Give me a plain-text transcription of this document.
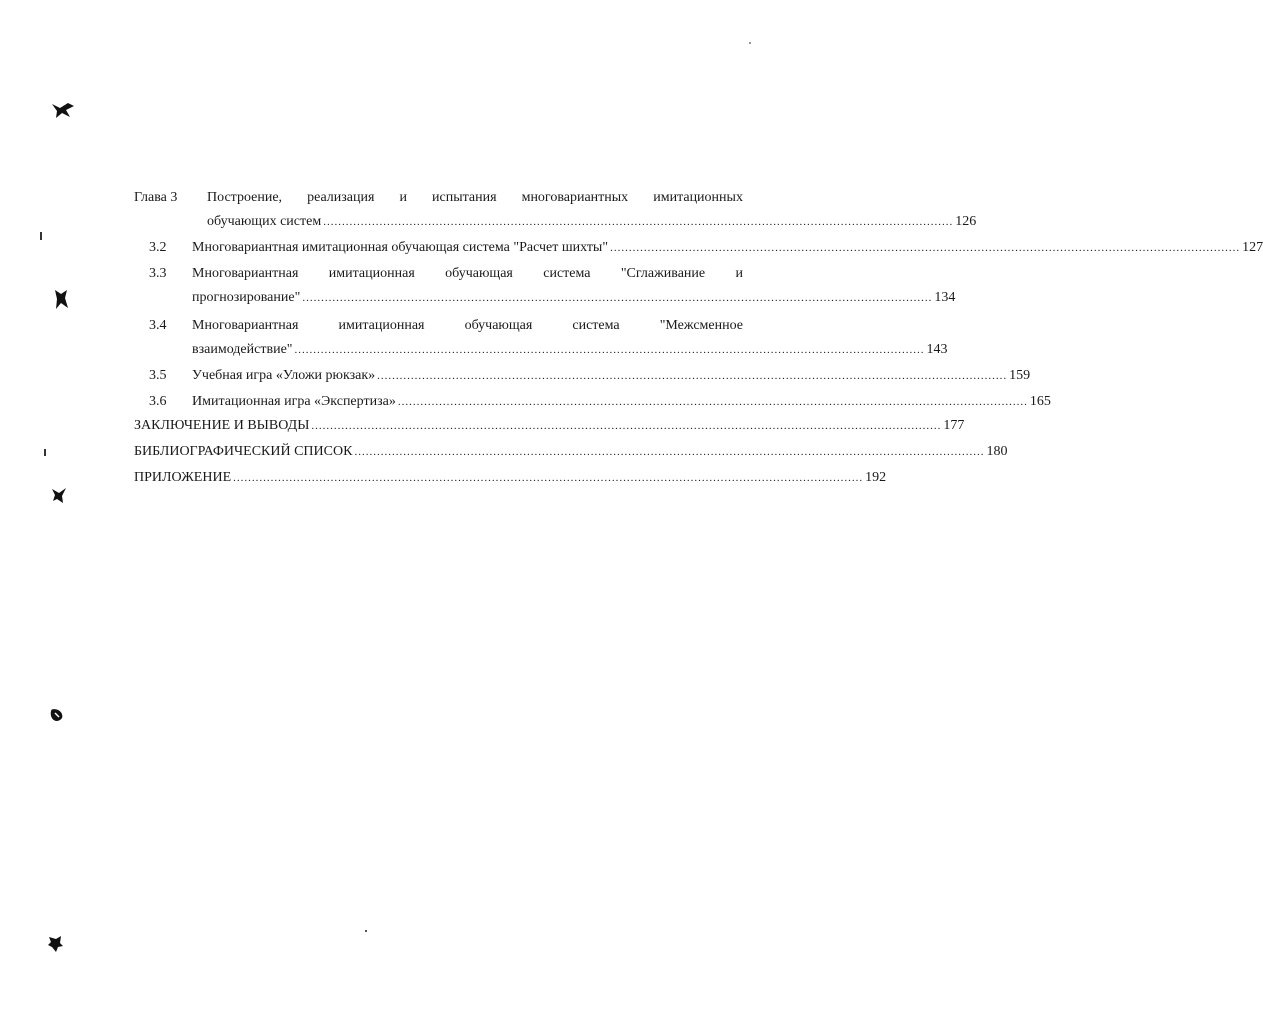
Глава 3 Построение, реализация и испытания многовариантных имитационных
обучающих систем ........................................................................................................................................................................ 126
3.2 Многовариантная имитационная обучающая система "Расчет шихты" ........................................................................................................................................................................ 127
3.3 Многовариантная имитационная обучающая система "Сглаживание и
прогнозирование" ........................................................................................................................................................................ 134
3.4 Многовариантная	имитационная	обучающая	система	"Межсменное
взаимодействие" ........................................................................................................................................................................ 143
3.5 Учебная игра «Уложи рюкзак» ........................................................................................................................................................................ 159
3.6 Имитационная игра «Экспертиза» ........................................................................................................................................................................ 165
ЗАКЛЮЧЕНИЕ И ВЫВОДЫ ........................................................................................................................................................................ 177
БИБЛИОГРАФИЧЕСКИЙ СПИСОК ........................................................................................................................................................................ 180
ПРИЛОЖЕНИЕ ........................................................................................................................................................................ 192
